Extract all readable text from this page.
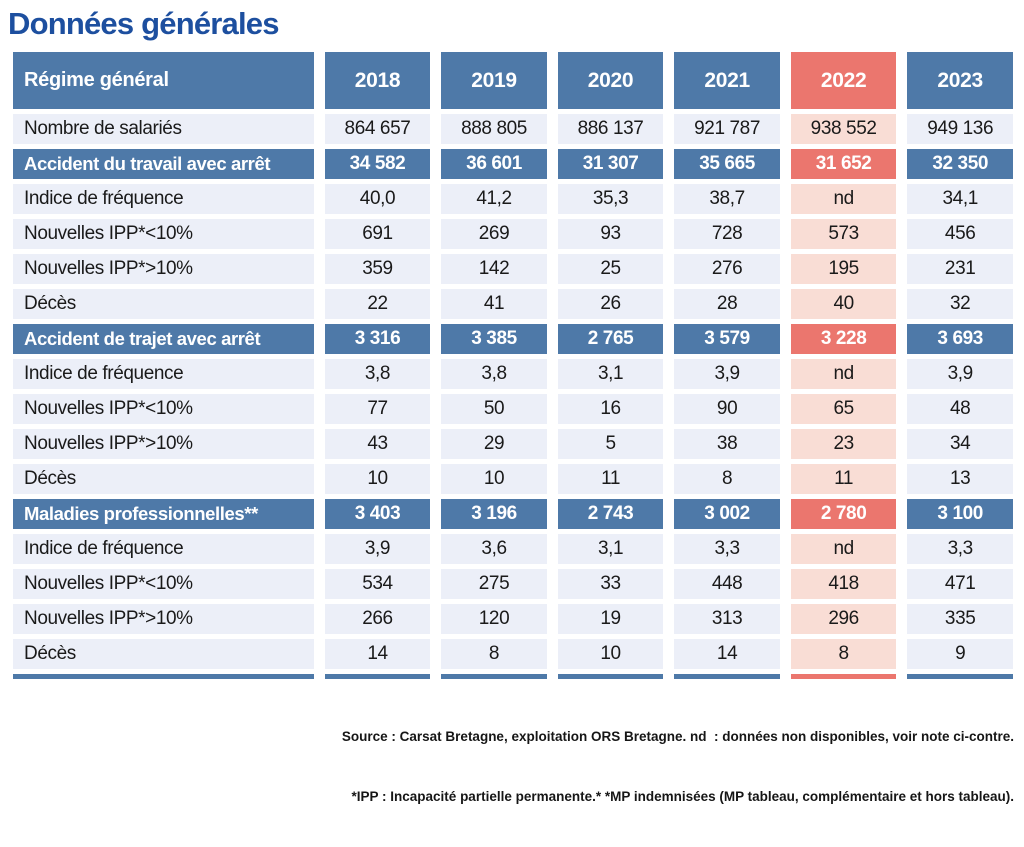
Données générales
Régime général	2018	2019	2020	2021	2022	2023
Nombre de salariés	864 657	888 805	886 137	921 787	938 552	949 136
Accident du travail avec arrêt	34 582	36 601	31 307	35 665	31 652	32 350
Indice de fréquence	40,0	41,2	35,3	38,7	nd	34,1
Nouvelles IPP*<10%	691	269	93	728	573	456
Nouvelles IPP*>10%	359	142	25	276	195	231
Décès	22	41	26	28	40	32
Accident de trajet avec arrêt	3 316	3 385	2 765	3 579	3 228	3 693
Indice de fréquence	3,8	3,8	3,1	3,9	nd	3,9
Nouvelles IPP*<10%	77	50	16	90	65	48
Nouvelles IPP*>10%	43	29	5	38	23	34
Décès	10	10	11	8	11	13
Maladies professionnelles**	3 403	3 196	2 743	3 002	2 780	3 100
Indice de fréquence	3,9	3,6	3,1	3,3	nd	3,3
Nouvelles IPP*<10%	534	275	33	448	418	471
Nouvelles IPP*>10%	266	120	19	313	296	335
Décès	14	8	10	14	8	9

Source : Carsat Bretagne, exploitation ORS Bretagne. nd  : données non disponibles, voir note ci-contre.

*IPP : Incapacité partielle permanente.* *MP indemnisées (MP tableau, complémentaire et hors tableau).
